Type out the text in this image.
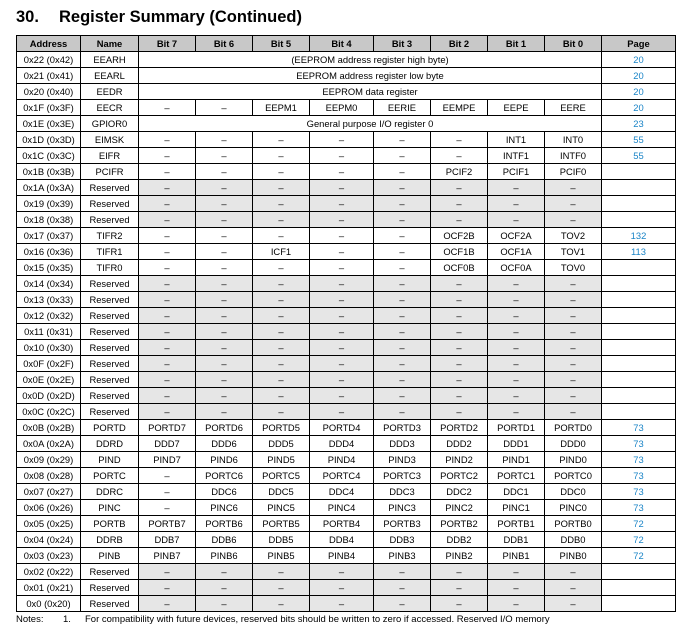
30. Register Summary (Continued)
Address	Name	Bit 7	Bit 6	Bit 5	Bit 4	Bit 3	Bit 2	Bit 1	Bit 0	Page
0x22 (0x42)	EEARH	(EEPROM address register high byte)								20
0x21 (0x41)	EEARL	EEPROM address register low byte								20
0x20 (0x40)	EEDR	EEPROM data register								20
0x1F (0x3F)	EECR	–	–	EEPM1	EEPM0	EERIE	EEMPE	EEPE	EERE	20
0x1E (0x3E)	GPIOR0	General purpose I/O register 0								23
0x1D (0x3D)	EIMSK	–	–	–	–	–	–	INT1	INT0	55
0x1C (0x3C)	EIFR	–	–	–	–	–	–	INTF1	INTF0	55
0x1B (0x3B)	PCIFR	–	–	–	–	–	PCIF2	PCIF1	PCIF0	
0x1A (0x3A)	Reserved	–	–	–	–	–	–	–	–	
0x19 (0x39)	Reserved	–	–	–	–	–	–	–	–	
0x18 (0x38)	Reserved	–	–	–	–	–	–	–	–	
0x17 (0x37)	TIFR2	–	–	–	–	–	OCF2B	OCF2A	TOV2	132
0x16 (0x36)	TIFR1	–	–	ICF1	–	–	OCF1B	OCF1A	TOV1	113
0x15 (0x35)	TIFR0	–	–	–	–	–	OCF0B	OCF0A	TOV0	
0x14 (0x34)	Reserved	–	–	–	–	–	–	–	–	
0x13 (0x33)	Reserved	–	–	–	–	–	–	–	–	
0x12 (0x32)	Reserved	–	–	–	–	–	–	–	–	
0x11 (0x31)	Reserved	–	–	–	–	–	–	–	–	
0x10 (0x30)	Reserved	–	–	–	–	–	–	–	–	
0x0F (0x2F)	Reserved	–	–	–	–	–	–	–	–	
0x0E (0x2E)	Reserved	–	–	–	–	–	–	–	–	
0x0D (0x2D)	Reserved	–	–	–	–	–	–	–	–	
0x0C (0x2C)	Reserved	–	–	–	–	–	–	–	–	
0x0B (0x2B)	PORTD	PORTD7	PORTD6	PORTD5	PORTD4	PORTD3	PORTD2	PORTD1	PORTD0	73
0x0A (0x2A)	DDRD	DDD7	DDD6	DDD5	DDD4	DDD3	DDD2	DDD1	DDD0	73
0x09 (0x29)	PIND	PIND7	PIND6	PIND5	PIND4	PIND3	PIND2	PIND1	PIND0	73
0x08 (0x28)	PORTC	–	PORTC6	PORTC5	PORTC4	PORTC3	PORTC2	PORTC1	PORTC0	73
0x07 (0x27)	DDRC	–	DDC6	DDC5	DDC4	DDC3	DDC2	DDC1	DDC0	73
0x06 (0x26)	PINC	–	PINC6	PINC5	PINC4	PINC3	PINC2	PINC1	PINC0	73
0x05 (0x25)	PORTB	PORTB7	PORTB6	PORTB5	PORTB4	PORTB3	PORTB2	PORTB1	PORTB0	72
0x04 (0x24)	DDRB	DDB7	DDB6	DDB5	DDB4	DDB3	DDB2	DDB1	DDB0	72
0x03 (0x23)	PINB	PINB7	PINB6	PINB5	PINB4	PINB3	PINB2	PINB1	PINB0	72
0x02 (0x22)	Reserved	–	–	–	–	–	–	–	–	
0x01 (0x21)	Reserved	–	–	–	–	–	–	–	–	
0x0 (0x20)	Reserved	–	–	–	–	–	–	–	–	
Notes: 1. For compatibility with future devices, reserved bits should be written to zero if accessed. Reserved I/O memory
